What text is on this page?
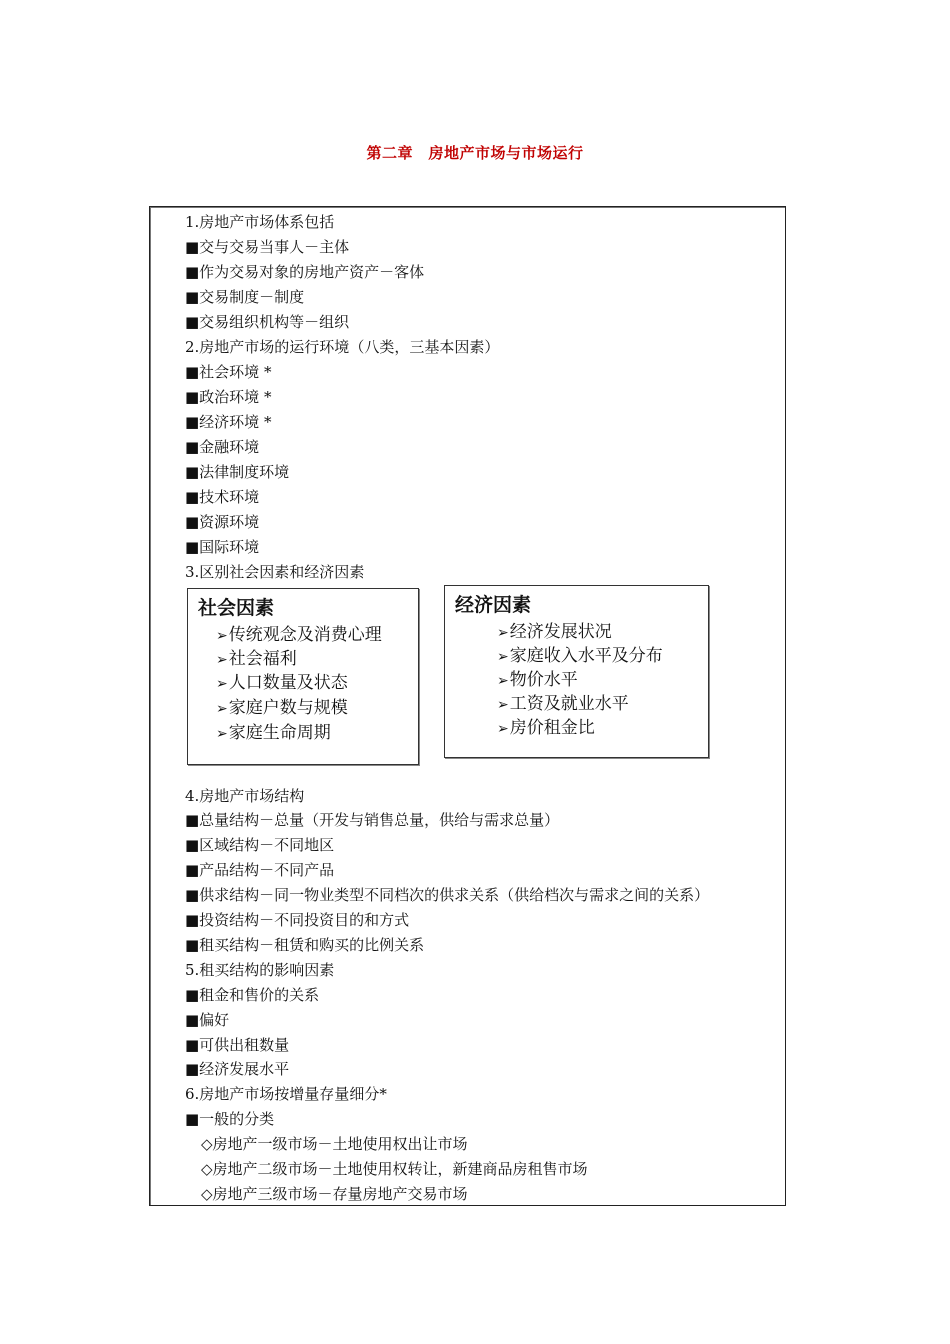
第二章　房地产市场与市场运行
1.房地产市场体系包括
■交与交易当事人－主体
■作为交易对象的房地产资产－客体
■交易制度－制度
■交易组织机构等－组织
2.房地产市场的运行环境（八类，三基本因素）
■社会环境 *
■政治环境 *
■经济环境 *
■金融环境
■法律制度环境
■技术环境
■资源环境
■国际环境
3.区别社会因素和经济因素
社会因素
➢传统观念及消费心理
➢社会福利
➢人口数量及状态
➢家庭户数与规模
➢家庭生命周期
经济因素
➢经济发展状况
➢家庭收入水平及分布
➢物价水平
➢工资及就业水平
➢房价租金比
4.房地产市场结构
■总量结构－总量（开发与销售总量，供给与需求总量）
■区域结构－不同地区
■产品结构－不同产品
■供求结构－同一物业类型不同档次的供求关系（供给档次与需求之间的关系）
■投资结构－不同投资目的和方式
■租买结构－租赁和购买的比例关系
5.租买结构的影响因素
■租金和售价的关系
■偏好
■可供出租数量
■经济发展水平
6.房地产市场按增量存量细分*
■一般的分类
◇房地产一级市场－土地使用权出让市场
◇房地产二级市场－土地使用权转让，新建商品房租售市场
◇房地产三级市场－存量房地产交易市场
